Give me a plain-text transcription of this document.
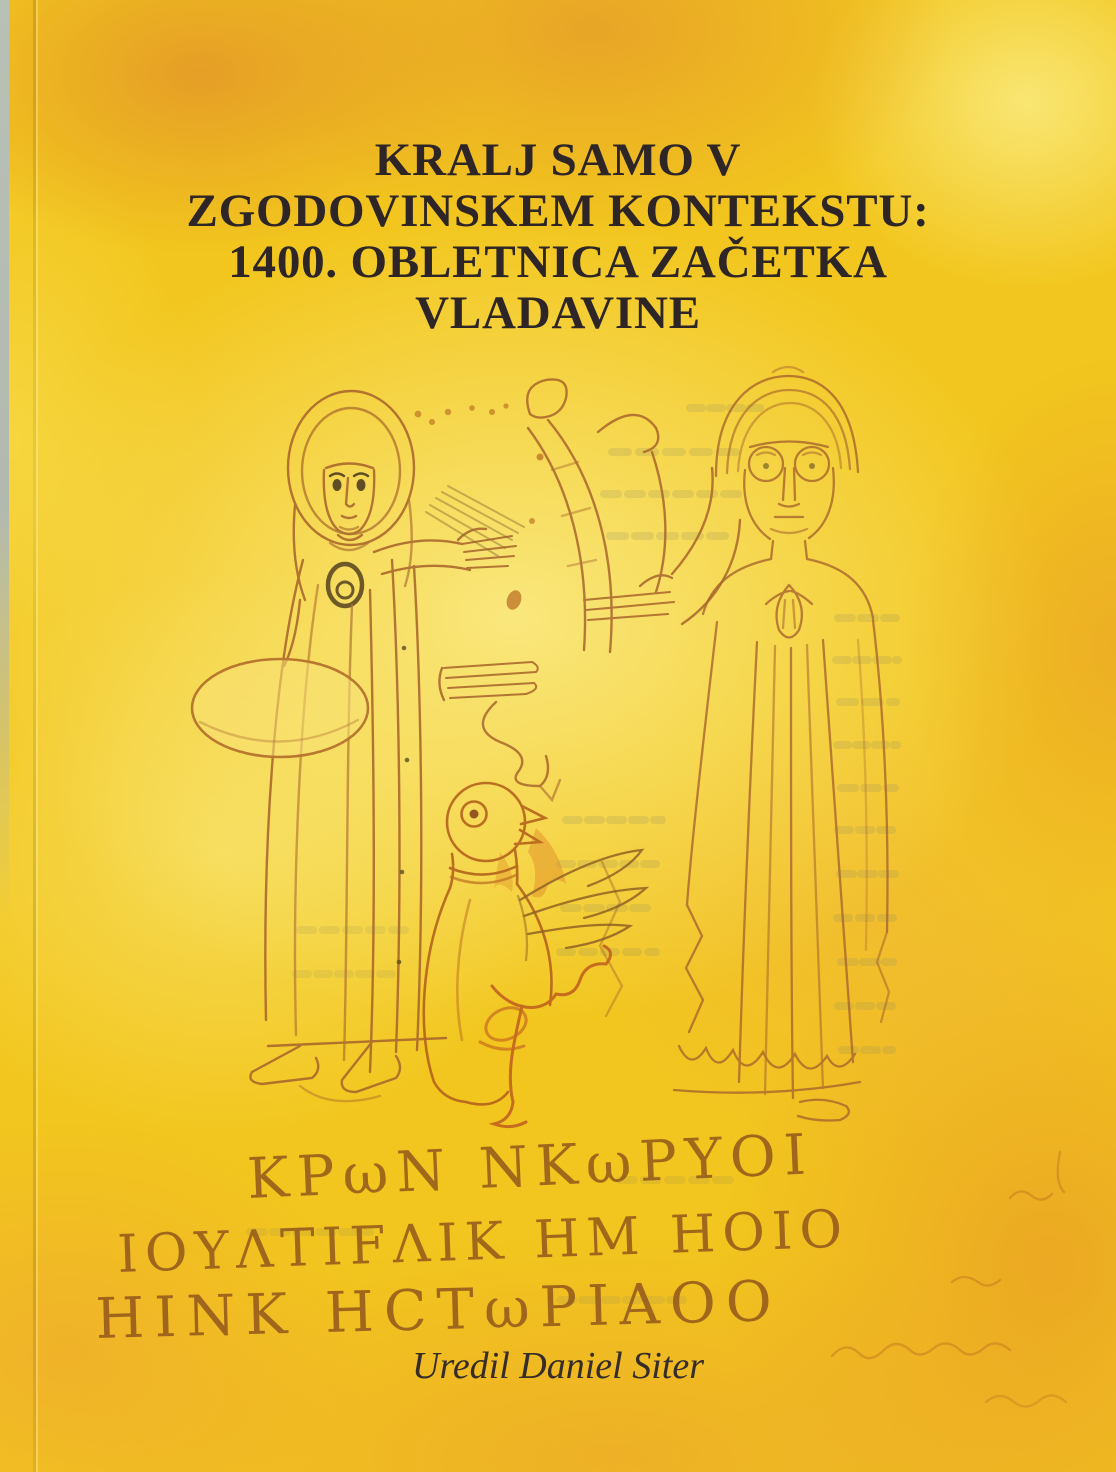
KRALJ SAMO V
ZGODOVINSKEM KONTEKSTU:
1400. OBLETNICA ZAČETKA
VLADAVINE
ΚΡωΝ ΝΚωΡΥΟΙ
ΙΟΥΛΤΙFΛΙΚ ΗΜ ΗΟΙΟ
ΗΙΝΚ ΗCΤωΡΙΑΟΟ
Uredil Daniel Siter
